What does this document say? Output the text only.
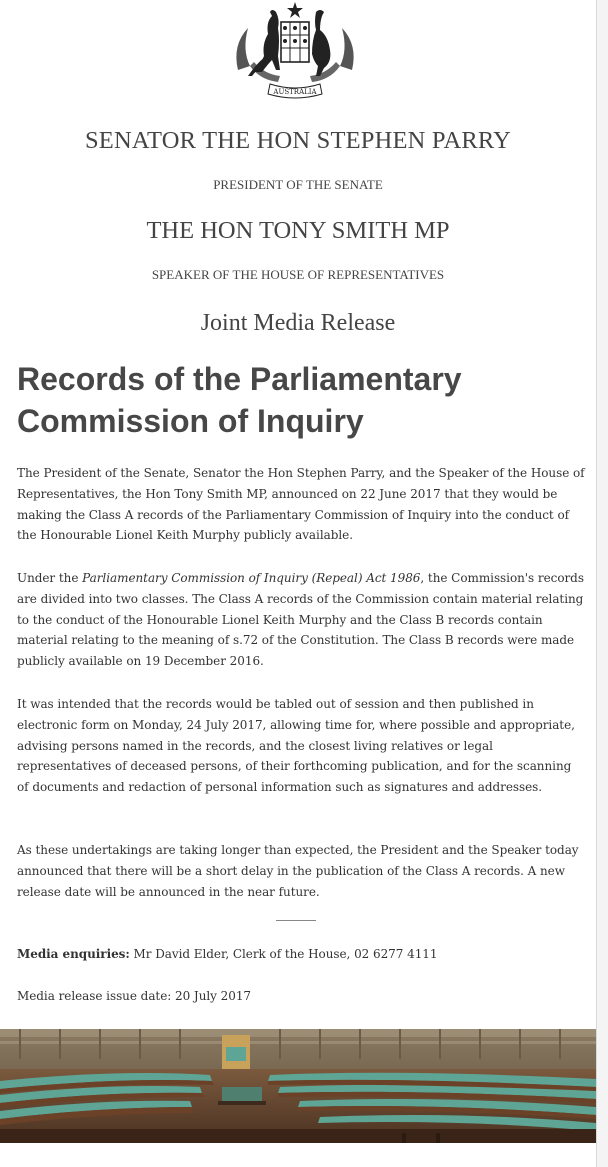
AUSTRALIA
SENATOR THE HON STEPHEN PARRY
PRESIDENT OF THE SENATE
THE HON TONY SMITH MP
SPEAKER OF THE HOUSE OF REPRESENTATIVES
Joint Media Release
Records of the Parliamentary Commission of Inquiry

The President of the Senate, Senator the Hon Stephen Parry, and the Speaker of the House of Representatives, the Hon Tony Smith MP, announced on 22 June 2017 that they would be making the Class A records of the Parliamentary Commission of Inquiry into the conduct of the Honourable Lionel Keith Murphy publicly available.

Under the Parliamentary Commission of Inquiry (Repeal) Act 1986, the Commission's records are divided into two classes. The Class A records of the Commission contain material relating to the conduct of the Honourable Lionel Keith Murphy and the Class B records contain material relating to the meaning of s.72 of the Constitution. The Class B records were made publicly available on 19 December 2016.

It was intended that the records would be tabled out of session and then published in electronic form on Monday, 24 July 2017, allowing time for, where possible and appropriate, advising persons named in the records, and the closest living relatives or legal representatives of deceased persons, of their forthcoming publication, and for the scanning of documents and redaction of personal information such as signatures and addresses.

As these undertakings are taking longer than expected, the President and the Speaker today announced that there will be a short delay in the publication of the Class A records. A new release date will be announced in the near future.

Media enquiries: Mr David Elder, Clerk of the House, 02 6277 4111

Media release issue date: 20 July 2017
